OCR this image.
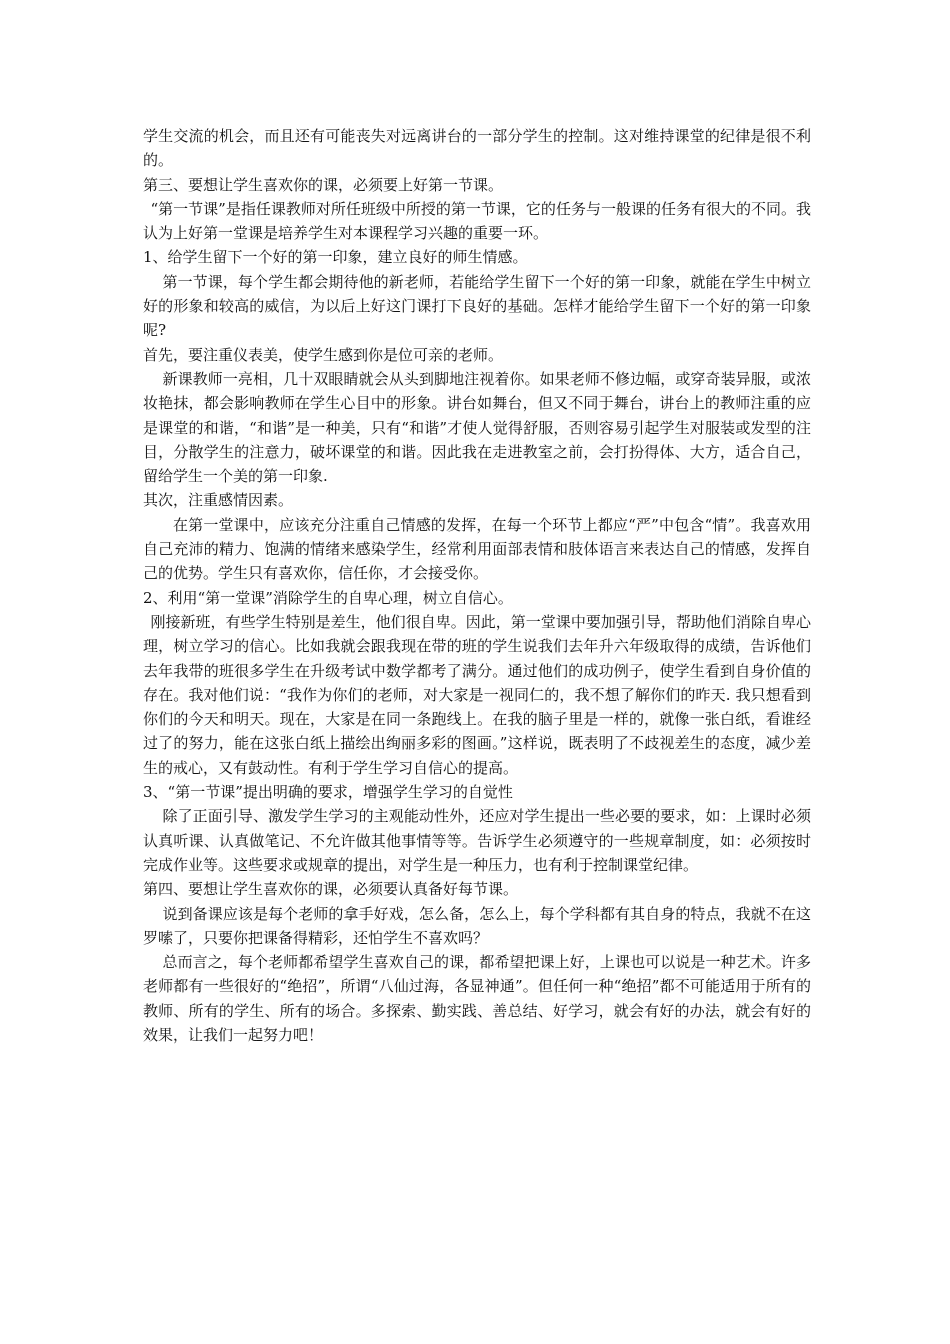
学生交流的机会，而且还有可能丧失对远离讲台的一部分学生的控制。这对维持课堂的纪律是很不利的。

第三、要想让学生喜欢你的课，必须要上好第一节课。

“第一节课”是指任课教师对所任班级中所授的第一节课，它的任务与一般课的任务有很大的不同。我认为上好第一堂课是培养学生对本课程学习兴趣的重要一环。

1、给学生留下一个好的第一印象，建立良好的师生情感。

第一节课，每个学生都会期待他的新老师，若能给学生留下一个好的第一印象，就能在学生中树立好的形象和较高的威信，为以后上好这门课打下良好的基础。怎样才能给学生留下一个好的第一印象呢?

首先，要注重仪表美，使学生感到你是位可亲的老师。

新课教师一亮相，几十双眼睛就会从头到脚地注视着你。如果老师不修边幅，或穿奇装异服，或浓妆艳抹，都会影响教师在学生心目中的形象。讲台如舞台，但又不同于舞台，讲台上的教师注重的应是课堂的和谐，“和谐”是一种美，只有“和谐”才使人觉得舒服，否则容易引起学生对服装或发型的注目，分散学生的注意力，破坏课堂的和谐。因此我在走进教室之前，会打扮得体、大方，适合自己，留给学生一个美的第一印象.

其次，注重感情因素。

在第一堂课中，应该充分注重自己情感的发挥，在每一个环节上都应“严”中包含“情”。我喜欢用自己充沛的精力、饱满的情绪来感染学生，经常利用面部表情和肢体语言来表达自己的情感，发挥自己的优势。学生只有喜欢你，信任你，才会接受你。

2、利用“第一堂课”消除学生的自卑心理，树立自信心。

刚接新班，有些学生特别是差生，他们很自卑。因此，第一堂课中要加强引导，帮助他们消除自卑心理，树立学习的信心。比如我就会跟我现在带的班的学生说我们去年升六年级取得的成绩，告诉他们去年我带的班很多学生在升级考试中数学都考了满分。通过他们的成功例子，使学生看到自身价值的存在。我对他们说：“我作为你们的老师，对大家是一视同仁的，我不想了解你们的昨天. 我只想看到你们的今天和明天。现在，大家是在同一条跑线上。在我的脑子里是一样的，就像一张白纸，看谁经过了的努力，能在这张白纸上描绘出绚丽多彩的图画。”这样说，既表明了不歧视差生的态度，减少差生的戒心，又有鼓动性。有利于学生学习自信心的提高。

3、“第一节课”提出明确的要求，增强学生学习的自觉性

除了正面引导、激发学生学习的主观能动性外，还应对学生提出一些必要的要求，如：上课时必须认真听课、认真做笔记、不允许做其他事情等等。告诉学生必须遵守的一些规章制度，如：必须按时完成作业等。这些要求或规章的提出，对学生是一种压力，也有利于控制课堂纪律。

第四、要想让学生喜欢你的课，必须要认真备好每节课。

说到备课应该是每个老师的拿手好戏，怎么备，怎么上，每个学科都有其自身的特点，我就不在这罗嗦了，只要你把课备得精彩，还怕学生不喜欢吗？

总而言之，每个老师都希望学生喜欢自己的课，都希望把课上好，上课也可以说是一种艺术。许多老师都有一些很好的“绝招”，所谓“八仙过海，各显神通”。但任何一种“绝招”都不可能适用于所有的教师、所有的学生、所有的场合。多探索、勤实践、善总结、好学习，就会有好的办法，就会有好的效果，让我们一起努力吧！
